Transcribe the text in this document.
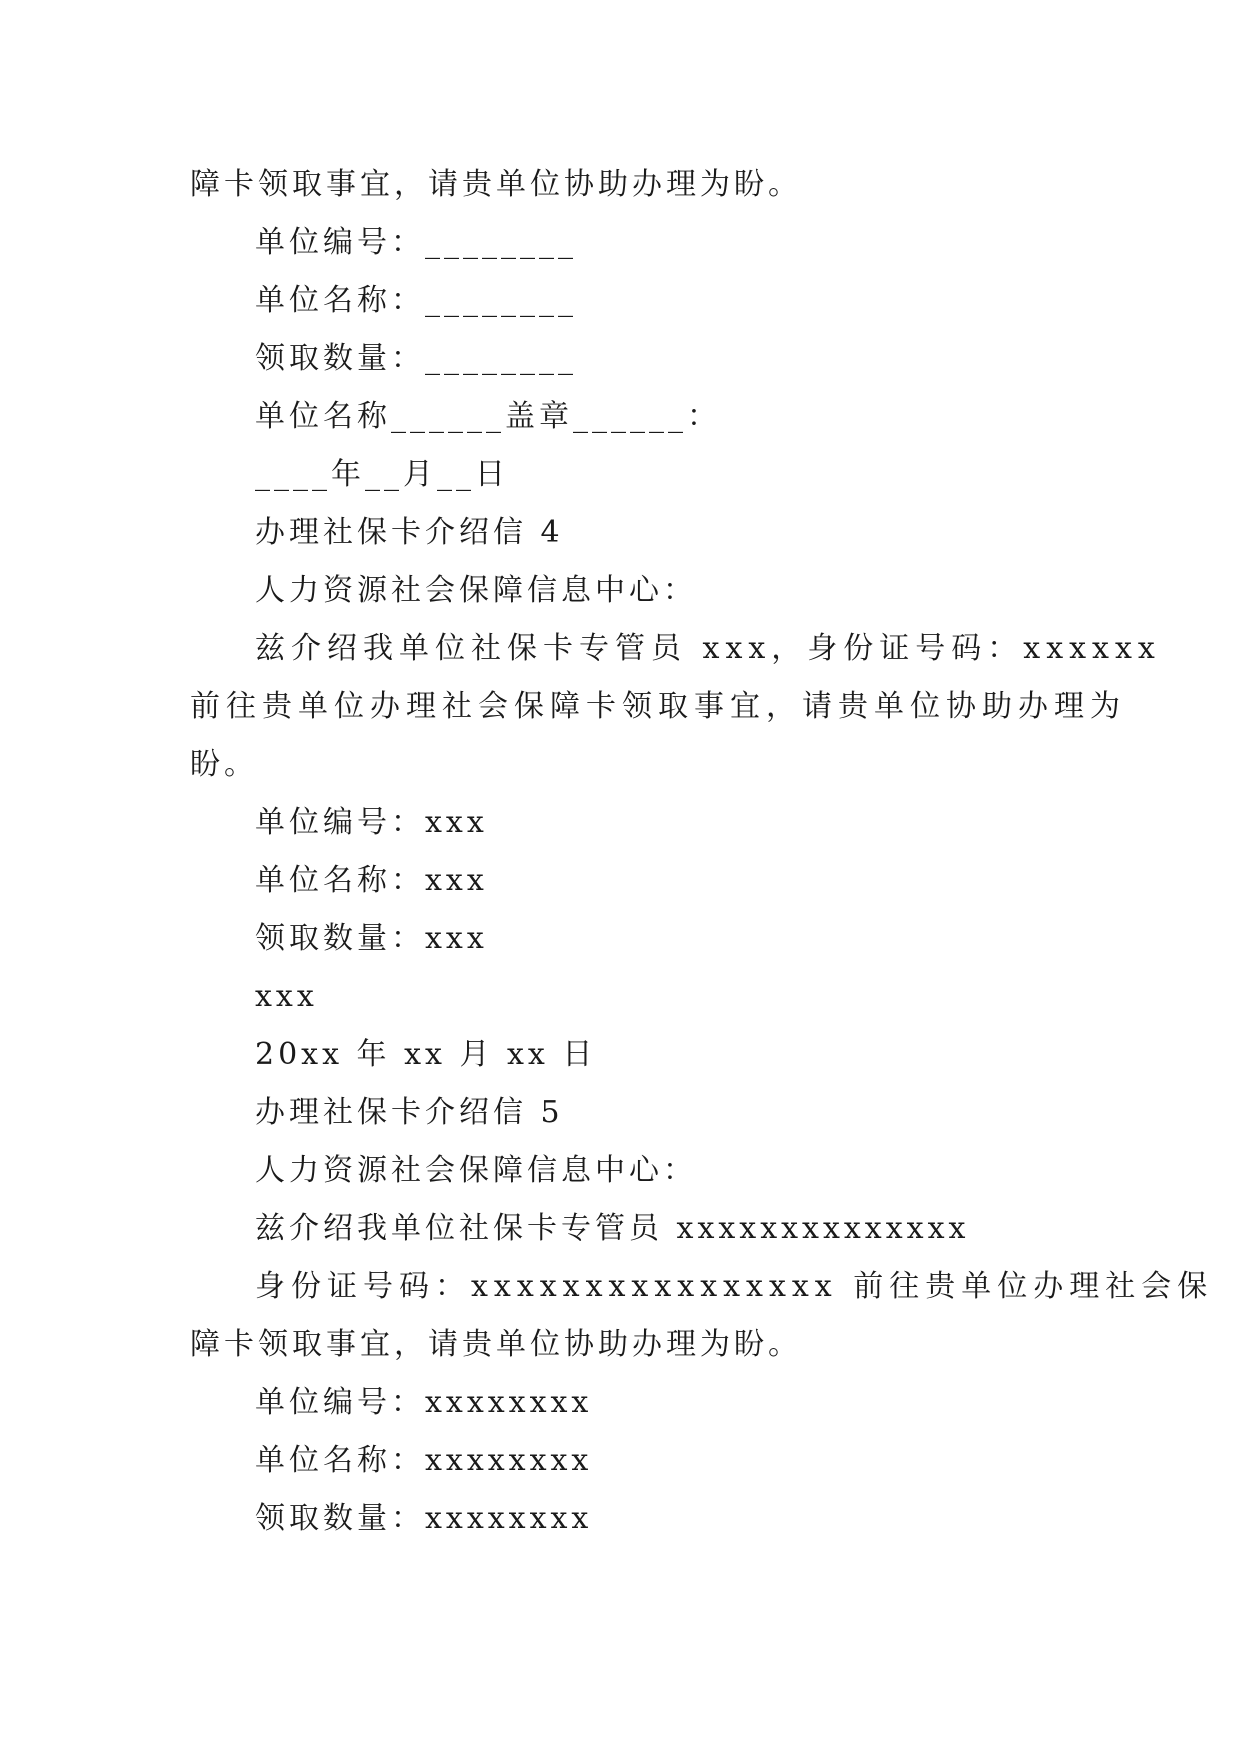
障卡领取事宜，请贵单位协助办理为盼。
单位编号：________
单位名称：________
领取数量：________
单位名称______盖章______：
____年__月__日
办理社保卡介绍信 4
人力资源社会保障信息中心：
兹介绍我单位社保卡专管员 xxx，身份证号码：xxxxxx
前往贵单位办理社会保障卡领取事宜，请贵单位协助办理为
盼。
单位编号：xxx
单位名称：xxx
领取数量：xxx
xxx
20xx 年 xx 月 xx 日
办理社保卡介绍信 5
人力资源社会保障信息中心：
兹介绍我单位社保卡专管员 xxxxxxxxxxxxxx
身份证号码：xxxxxxxxxxxxxxxx 前往贵单位办理社会保
障卡领取事宜，请贵单位协助办理为盼。
单位编号：xxxxxxxx
单位名称：xxxxxxxx
领取数量：xxxxxxxx
